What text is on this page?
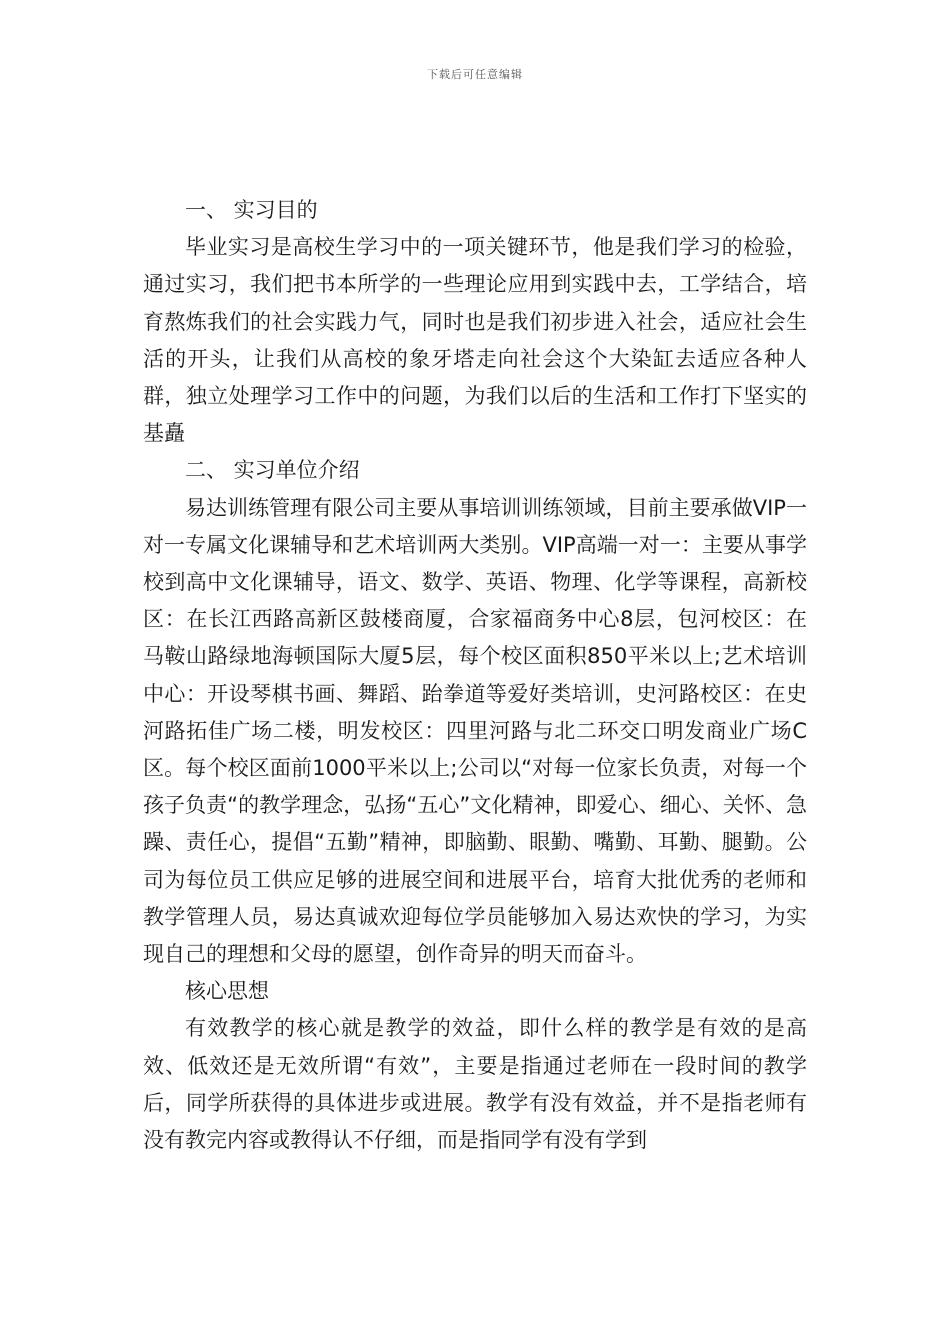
下载后可任意编辑

一、 实习目的

毕业实习是高校生学习中的一项关键环节，他是我们学习的检验，通过实习，我们把书本所学的一些理论应用到实践中去，工学结合，培育熬炼我们的社会实践力气，同时也是我们初步进入社会，适应社会生活的开头，让我们从高校的象牙塔走向社会这个大染缸去适应各种人群，独立处理学习工作中的问题，为我们以后的生活和工作打下坚实的基矗

二、 实习单位介绍

易达训练管理有限公司主要从事培训训练领域，目前主要承做VIP一对一专属文化课辅导和艺术培训两大类别。VIP高端一对一：主要从事学校到高中文化课辅导，语文、数学、英语、物理、化学等课程，高新校区：在长江西路高新区鼓楼商厦，合家福商务中心8层，包河校区：在马鞍山路绿地海顿国际大厦5层，每个校区面积850平米以上;艺术培训中心：开设琴棋书画、舞蹈、跆拳道等爱好类培训，史河路校区：在史河路拓佳广场二楼，明发校区：四里河路与北二环交口明发商业广场C区。每个校区面前1000平米以上;公司以“对每一位家长负责，对每一个孩子负责“的教学理念，弘扬“五心”文化精神，即爱心、细心、关怀、急躁、责任心，提倡“五勤”精神，即脑勤、眼勤、嘴勤、耳勤、腿勤。公司为每位员工供应足够的进展空间和进展平台，培育大批优秀的老师和教学管理人员，易达真诚欢迎每位学员能够加入易达欢快的学习，为实现自己的理想和父母的愿望，创作奇异的明天而奋斗。

核心思想

有效教学的核心就是教学的效益，即什么样的教学是有效的是高效、低效还是无效所谓“有效”，主要是指通过老师在一段时间的教学后，同学所获得的具体进步或进展。教学有没有效益，并不是指老师有没有教完内容或教得认不仔细，而是指同学有没有学到
